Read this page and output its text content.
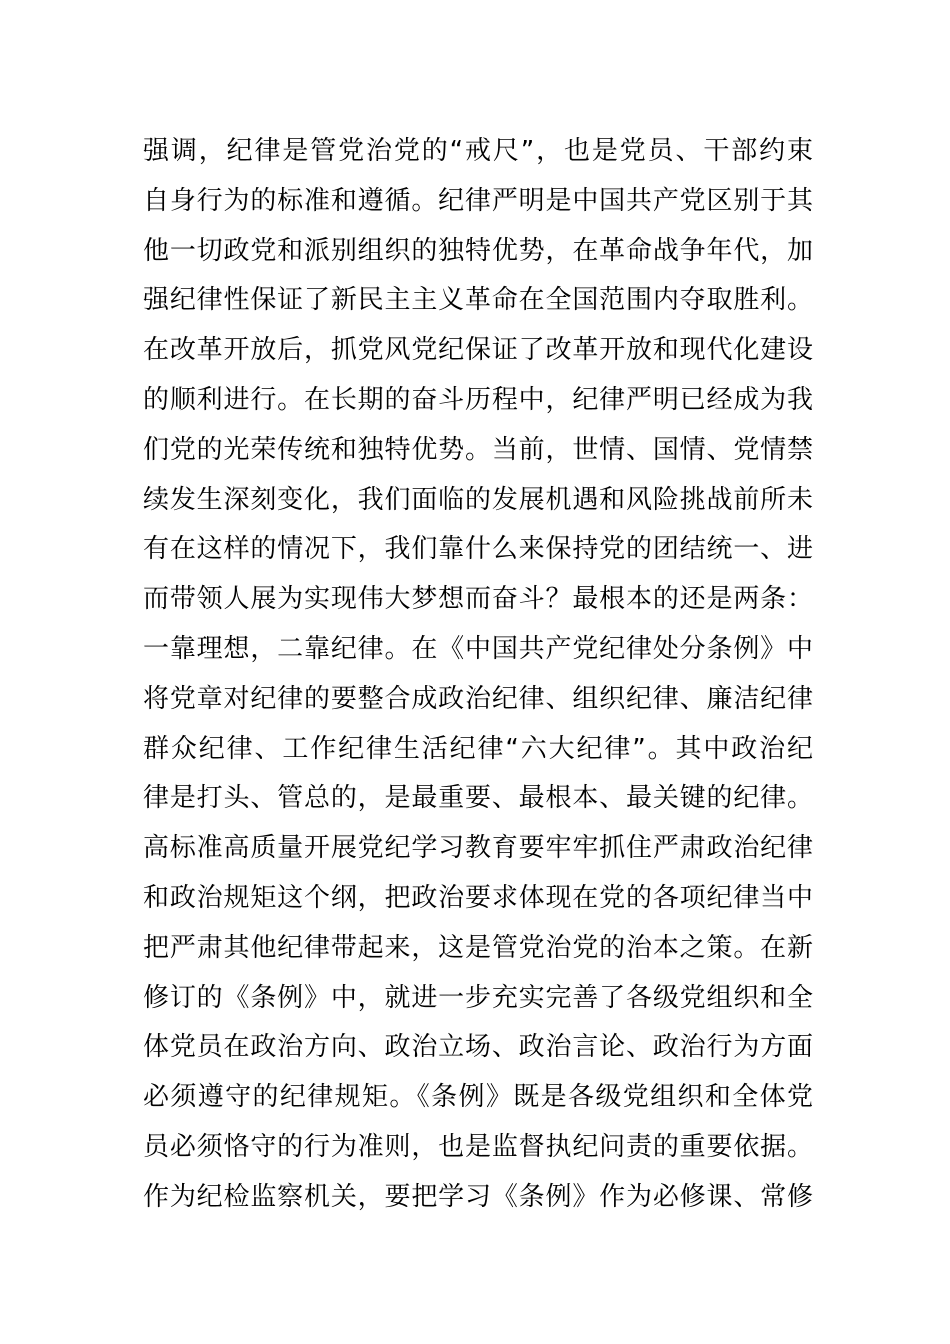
强调，纪律是管党治党的“戒尺”，也是党员、干部约束
自身行为的标准和遵循。纪律严明是中国共产党区别于其
他一切政党和派别组织的独特优势，在革命战争年代，加
强纪律性保证了新民主主义革命在全国范围内夺取胜利。
在改革开放后，抓党风党纪保证了改革开放和现代化建设
的顺利进行。在长期的奋斗历程中，纪律严明已经成为我
们党的光荣传统和独特优势。当前，世情、国情、党情禁
续发生深刻变化，我们面临的发展机遇和风险挑战前所未
有在这样的情况下，我们靠什么来保持党的团结统一、进
而带领人展为实现伟大梦想而奋斗？最根本的还是两条：
一靠理想，二靠纪律。在《中国共产党纪律处分条例》中
将党章对纪律的要整合成政治纪律、组织纪律、廉洁纪律
群众纪律、工作纪律生活纪律“六大纪律”。其中政治纪
律是打头、管总的，是最重要、最根本、最关键的纪律。
高标准高质量开展党纪学习教育要牢牢抓住严肃政治纪律
和政治规矩这个纲，把政治要求体现在党的各项纪律当中
把严肃其他纪律带起来，这是管党治党的治本之策。在新
修订的《条例》中，就进一步充实完善了各级党组织和全
体党员在政治方向、政治立场、政治言论、政治行为方面
必须遵守的纪律规矩。《条例》既是各级党组织和全体党
员必须恪守的行为准则，也是监督执纪问责的重要依据。
作为纪检监察机关，要把学习《条例》作为必修课、常修
